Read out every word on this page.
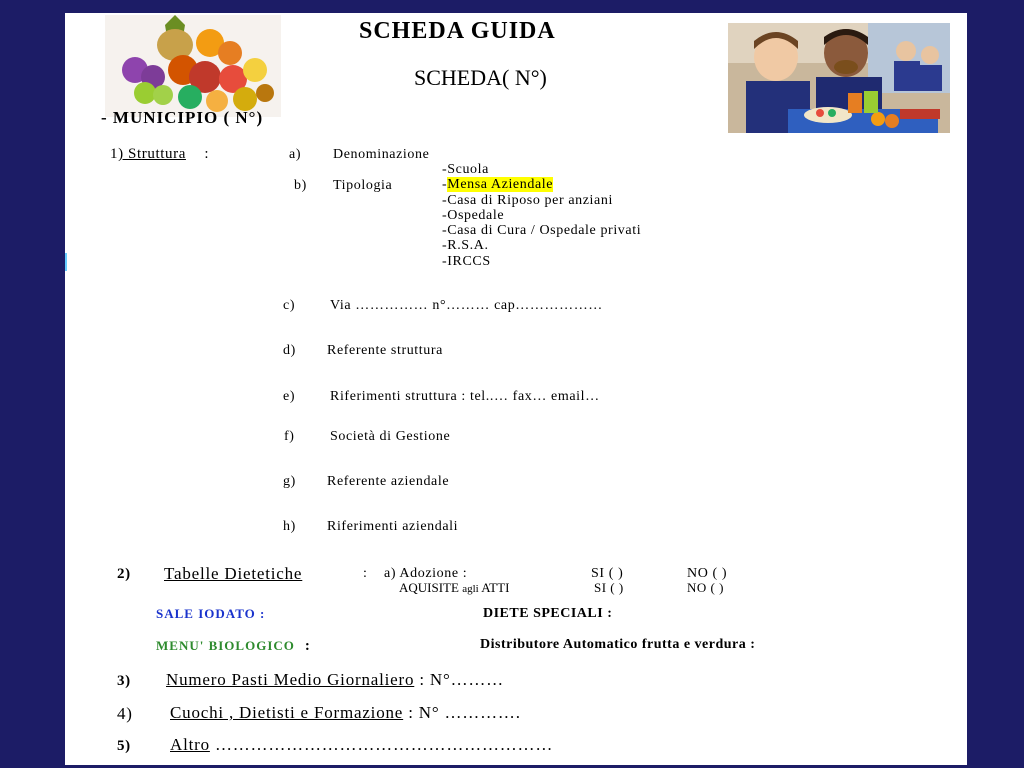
SCHEDA GUIDA
SCHEDA( N°)
- MUNICIPIO ( N°)
1) Struttura :	a) Denominazione
b) Tipologia
-Scuola
-Mensa Aziendale
-Casa di Riposo per anziani
-Ospedale
-Casa di Cura / Ospedale privati
-R.S.A.
-IRCCS
c) Via …………… n°……… cap………………
d) Referente struttura
e) Riferimenti struttura : tel..… fax… email…
f)	Società di Gestione
g) Referente aziendale
h) Riferimenti aziendali
2) Tabelle Dietetiche	: a) Adozione :	SI ( )	NO ( )
AQUISITE agli ATTI	SI ( )	NO ( )
SALE IODATO :	DIETE SPECIALI :
MENU' BIOLOGICO :	Distributore Automatico frutta e verdura :
3) Numero Pasti Medio Giornaliero : N°………
4) Cuochi , Dietisti e Formazione : N° ………….
5) Altro …………………………………………………
